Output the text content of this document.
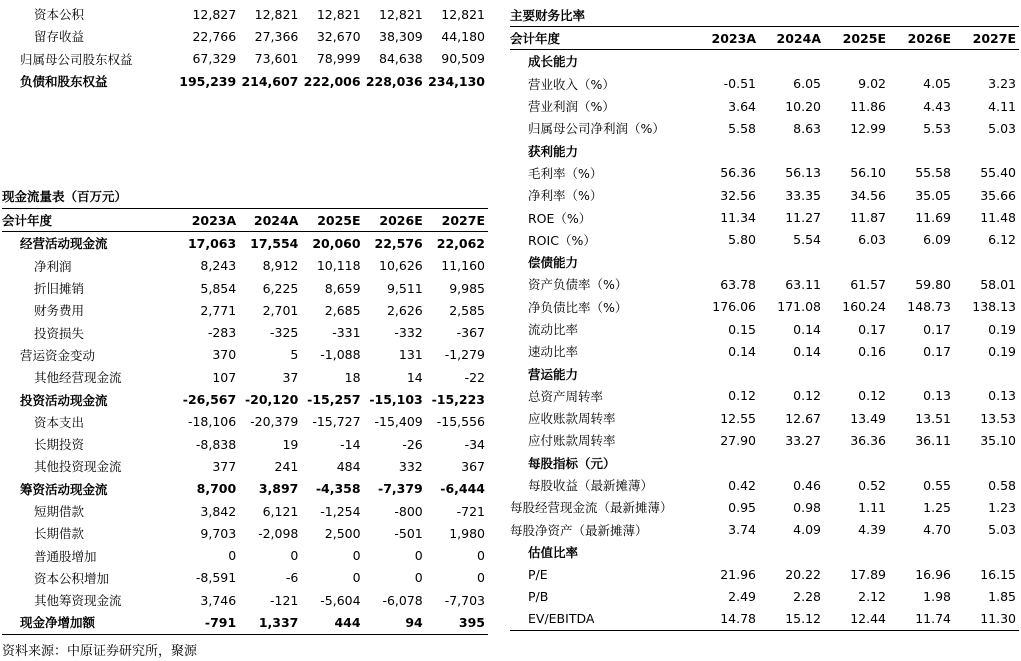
资本公积	12,827	12,821	12,821	12,821	12,821
留存收益	22,766	27,366	32,670	38,309	44,180
归属母公司股东权益	67,329	73,601	78,999	84,638	90,509
负债和股东权益	195,239	214,607	222,006	228,036	234,130
现金流量表（百万元）
会计年度	2023A	2024A	2025E	2026E	2027E
经营活动现金流	17,063	17,554	20,060	22,576	22,062
净利润	8,243	8,912	10,118	10,626	11,160
折旧摊销	5,854	6,225	8,659	9,511	9,985
财务费用	2,771	2,701	2,685	2,626	2,585
投资损失	-283	-325	-331	-332	-367
营运资金变动	370	5	-1,088	131	-1,279
其他经营现金流	107	37	18	14	-22
投资活动现金流	-26,567	-20,120	-15,257	-15,103	-15,223
资本支出	-18,106	-20,379	-15,727	-15,409	-15,556
长期投资	-8,838	19	-14	-26	-34
其他投资现金流	377	241	484	332	367
筹资活动现金流	8,700	3,897	-4,358	-7,379	-6,444
短期借款	3,842	6,121	-1,254	-800	-721
长期借款	9,703	-2,098	2,500	-501	1,980
普通股增加	0	0	0	0	0
资本公积增加	-8,591	-6	0	0	0
其他筹资现金流	3,746	-121	-5,604	-6,078	-7,703
现金净增加额	-791	1,337	444	94	395
主要财务比率
会计年度	2023A	2024A	2025E	2026E	2027E
成长能力					
营业收入（%）	-0.51	6.05	9.02	4.05	3.23
营业利润（%）	3.64	10.20	11.86	4.43	4.11
归属母公司净利润（%）	5.58	8.63	12.99	5.53	5.03
获利能力					
毛利率（%）	56.36	56.13	56.10	55.58	55.40
净利率（%）	32.56	33.35	34.56	35.05	35.66
ROE（%）	11.34	11.27	11.87	11.69	11.48
ROIC（%）	5.80	5.54	6.03	6.09	6.12
偿债能力					
资产负债率（%）	63.78	63.11	61.57	59.80	58.01
净负债比率（%）	176.06	171.08	160.24	148.73	138.13
流动比率	0.15	0.14	0.17	0.17	0.19
速动比率	0.14	0.14	0.16	0.17	0.19
营运能力					
总资产周转率	0.12	0.12	0.12	0.13	0.13
应收账款周转率	12.55	12.67	13.49	13.51	13.53
应付账款周转率	27.90	33.27	36.36	36.11	35.10
每股指标（元）					
每股收益（最新摊薄）	0.42	0.46	0.52	0.55	0.58
每股经营现金流（最新摊薄）	0.95	0.98	1.11	1.25	1.23
每股净资产（最新摊薄）	3.74	4.09	4.39	4.70	5.03
估值比率					
P/E	21.96	20.22	17.89	16.96	16.15
P/B	2.49	2.28	2.12	1.98	1.85
EV/EBITDA	14.78	15.12	12.44	11.74	11.30
资料来源：中原证券研究所，聚源
